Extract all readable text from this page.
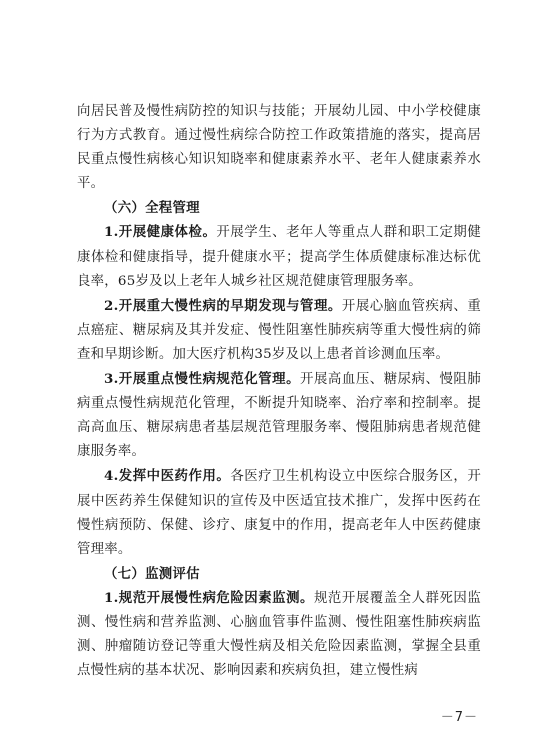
向居民普及慢性病防控的知识与技能；开展幼儿园、中小学校健康行为方式教育。通过慢性病综合防控工作政策措施的落实，提高居民重点慢性病核心知识知晓率和健康素养水平、老年人健康素养水平。

（六）全程管理

1.开展健康体检。开展学生、老年人等重点人群和职工定期健康体检和健康指导，提升健康水平；提高学生体质健康标准达标优良率，65岁及以上老年人城乡社区规范健康管理服务率。

2.开展重大慢性病的早期发现与管理。开展心脑血管疾病、重点癌症、糖尿病及其并发症、慢性阻塞性肺疾病等重大慢性病的筛查和早期诊断。加大医疗机构35岁及以上患者首诊测血压率。

3.开展重点慢性病规范化管理。开展高血压、糖尿病、慢阻肺病重点慢性病规范化管理，不断提升知晓率、治疗率和控制率。提高高血压、糖尿病患者基层规范管理服务率、慢阻肺病患者规范健康服务率。

4.发挥中医药作用。各医疗卫生机构设立中医综合服务区，开展中医药养生保健知识的宣传及中医适宜技术推广，发挥中医药在慢性病预防、保健、诊疗、康复中的作用，提高老年人中医药健康管理率。

（七）监测评估

1.规范开展慢性病危险因素监测。规范开展覆盖全人群死因监测、慢性病和营养监测、心脑血管事件监测、慢性阻塞性肺疾病监测、肿瘤随访登记等重大慢性病及相关危险因素监测，掌握全县重点慢性病的基本状况、影响因素和疾病负担，建立慢性病

－7－
